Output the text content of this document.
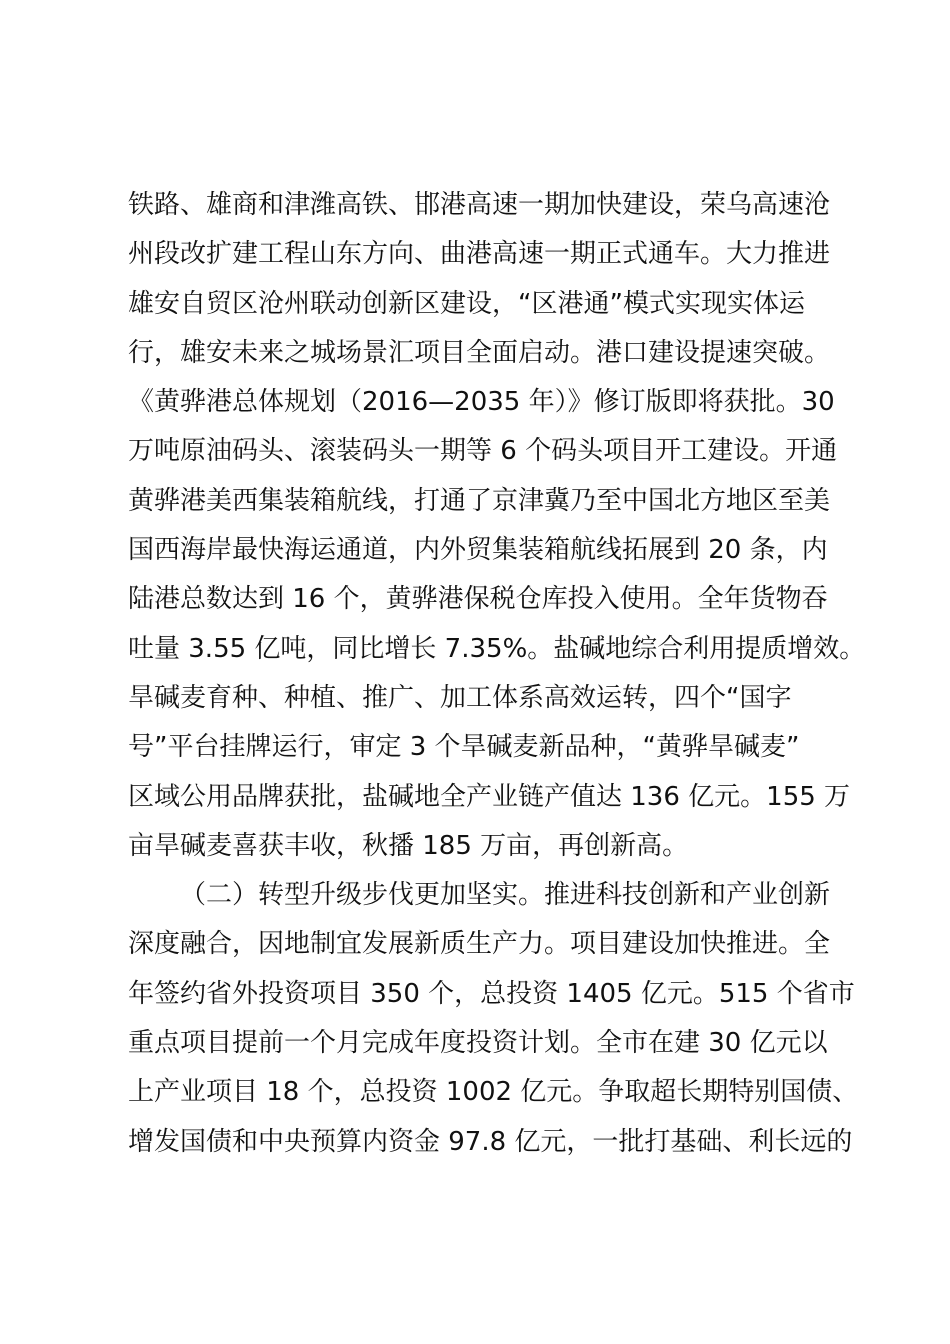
铁路、雄商和津潍高铁、邯港高速一期加快建设，荣乌高速沧
州段改扩建工程山东方向、曲港高速一期正式通车。大力推进
雄安自贸区沧州联动创新区建设，“区港通”模式实现实体运
行，雄安未来之城场景汇项目全面启动。港口建设提速突破。
《黄骅港总体规划（2016—2035 年）》修订版即将获批。30
万吨原油码头、滚装码头一期等 6 个码头项目开工建设。开通
黄骅港美西集装箱航线，打通了京津冀乃至中国北方地区至美
国西海岸最快海运通道，内外贸集装箱航线拓展到 20 条，内
陆港总数达到 16 个，黄骅港保税仓库投入使用。全年货物吞
吐量 3.55 亿吨，同比增长 7.35%。盐碱地综合利用提质增效。
旱碱麦育种、种植、推广、加工体系高效运转，四个“国字
号”平台挂牌运行，审定 3 个旱碱麦新品种，“黄骅旱碱麦”
区域公用品牌获批，盐碱地全产业链产值达 136 亿元。155 万
亩旱碱麦喜获丰收，秋播 185 万亩，再创新高。
（二）转型升级步伐更加坚实。推进科技创新和产业创新
深度融合，因地制宜发展新质生产力。项目建设加快推进。全
年签约省外投资项目 350 个，总投资 1405 亿元。515 个省市
重点项目提前一个月完成年度投资计划。全市在建 30 亿元以
上产业项目 18 个，总投资 1002 亿元。争取超长期特别国债、
增发国债和中央预算内资金 97.8 亿元，一批打基础、利长远的
